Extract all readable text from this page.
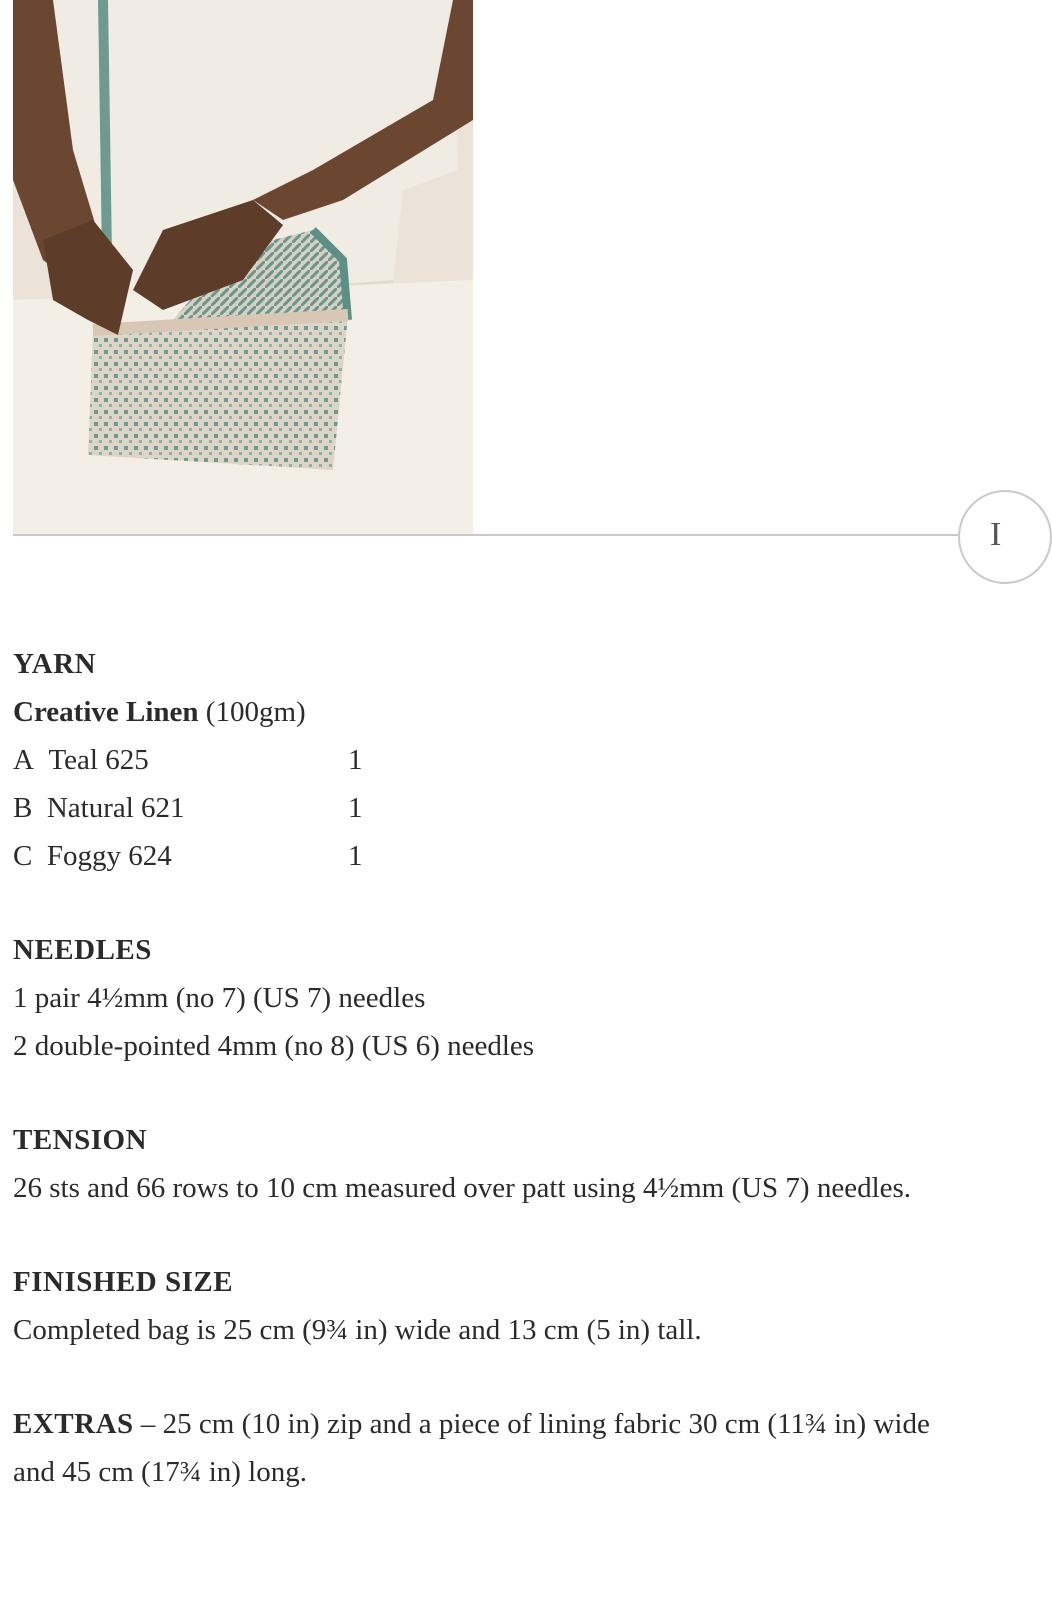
I
YARN
Creative Linen (100gm)
A Teal 625	1
B Natural 621	1
C Foggy 624	1
NEEDLES
1 pair 4½mm (no 7) (US 7) needles
2 double-pointed 4mm (no 8) (US 6) needles
TENSION
26 sts and 66 rows to 10 cm measured over patt using 4½mm (US 7) needles.
FINISHED SIZE
Completed bag is 25 cm (9¾ in) wide and 13 cm (5 in) tall.
EXTRAS – 25 cm (10 in) zip and a piece of lining fabric 30 cm (11¾ in) wide and 45 cm (17¾ in) long.
